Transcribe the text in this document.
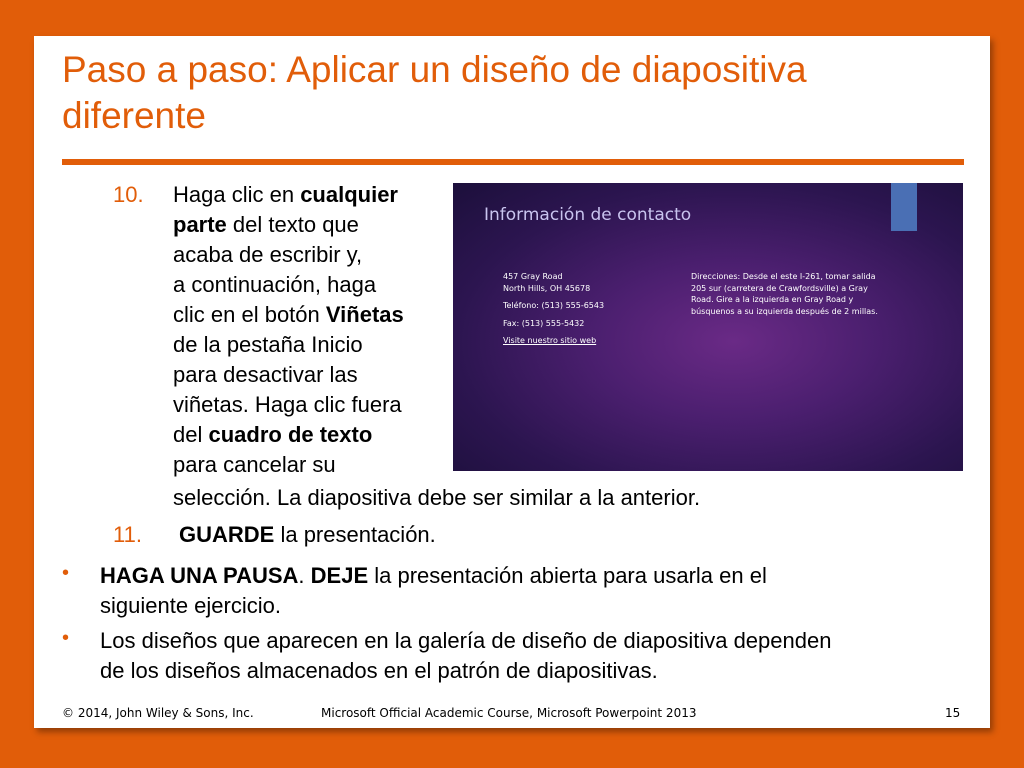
Paso a paso: Aplicar un diseño de diapositiva diferente
10. Haga clic en cualquier
parte del texto que
acaba de escribir y,
a continuación, haga
clic en el botón Viñetas
de la pestaña Inicio
para desactivar las
viñetas. Haga clic fuera
del cuadro de texto
para cancelar su
selección. La diapositiva debe ser similar a la anterior.
11. GUARDE la presentación.
• HAGA UNA PAUSA. DEJE la presentación abierta para usarla en el
siguiente ejercicio.
• Los diseños que aparecen en la galería de diseño de diapositiva dependen
de los diseños almacenados en el patrón de diapositivas.
Información de contacto
457 Gray Road
North Hills, OH 45678
Teléfono: (513) 555-6543
Fax: (513) 555-5432
Visite nuestro sitio web
Direcciones: Desde el este I-261, tomar salida 205 sur (carretera de Crawfordsville) a Gray Road. Gire a la izquierda en Gray Road y búsquenos a su izquierda después de 2 millas.
© 2014, John Wiley & Sons, Inc.	Microsoft Official Academic Course, Microsoft Powerpoint 2013	15
